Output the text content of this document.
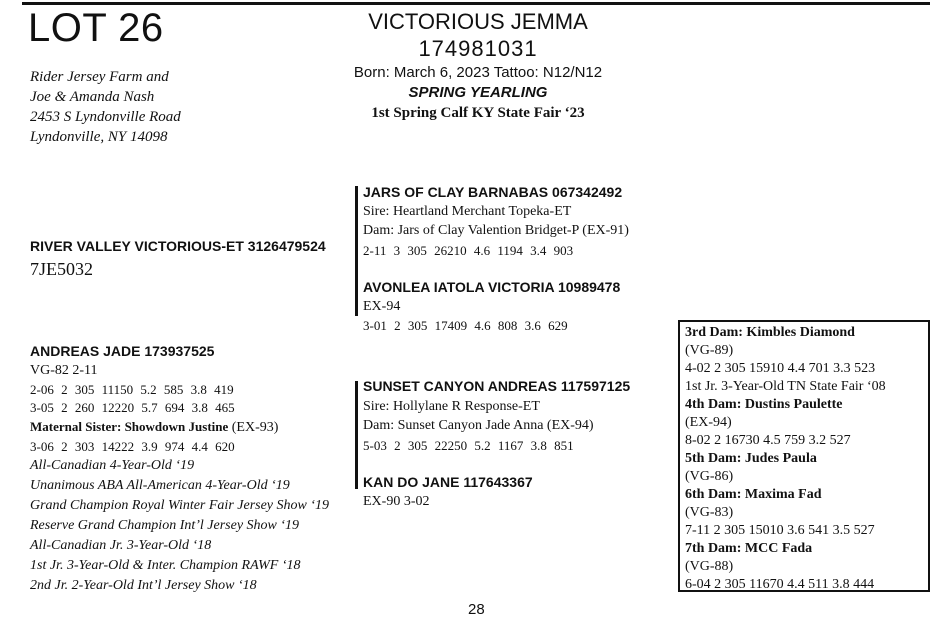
LOT 26
Rider Jersey Farm and
Joe & Amanda Nash
2453 S Lyndonville Road
Lyndonville, NY 14098
VICTORIOUS JEMMA
174981031
Born: March 6, 2023 Tattoo: N12/N12
SPRING YEARLING
1st Spring Calf KY State Fair ‘23
RIVER VALLEY VICTORIOUS-ET 3126479524
7JE5032
ANDREAS JADE 173937525
VG-82 2-11
2-06 2 305 11150 5.2 585 3.8 419
3-05 2 260 12220 5.7 694 3.8 465
Maternal Sister: Showdown Justine (EX-93)
3-06 2 303 14222 3.9 974 4.4 620
All-Canadian 4-Year-Old ‘19
Unanimous ABA All-American 4-Year-Old ‘19
Grand Champion Royal Winter Fair Jersey Show ‘19
Reserve Grand Champion Int’l Jersey Show ‘19
All-Canadian Jr. 3-Year-Old ‘18
1st Jr. 3-Year-Old & Inter. Champion RAWF ‘18
2nd Jr. 2-Year-Old Int’l Jersey Show ‘18
JARS OF CLAY BARNABAS 067342492
Sire: Heartland Merchant Topeka-ET
Dam: Jars of Clay Valention Bridget-P (EX-91)
2-11 3 305 26210 4.6 1194 3.4 903
AVONLEA IATOLA VICTORIA 10989478
EX-94
3-01 2 305 17409 4.6 808 3.6 629
SUNSET CANYON ANDREAS 117597125
Sire: Hollylane R Response-ET
Dam: Sunset Canyon Jade Anna (EX-94)
5-03 2 305 22250 5.2 1167 3.8 851
KAN DO JANE 117643367
EX-90 3-02
3rd Dam: Kimbles Diamond
(VG-89)
4-02 2 305 15910 4.4 701 3.3 523
1st Jr. 3-Year-Old TN State Fair ‘08
4th Dam: Dustins Paulette
(EX-94)
8-02 2 16730 4.5 759 3.2 527
5th Dam: Judes Paula
(VG-86)
6th Dam: Maxima Fad
(VG-83)
7-11 2 305 15010 3.6 541 3.5 527
7th Dam: MCC Fada
(VG-88)
6-04 2 305 11670 4.4 511 3.8 444
28
